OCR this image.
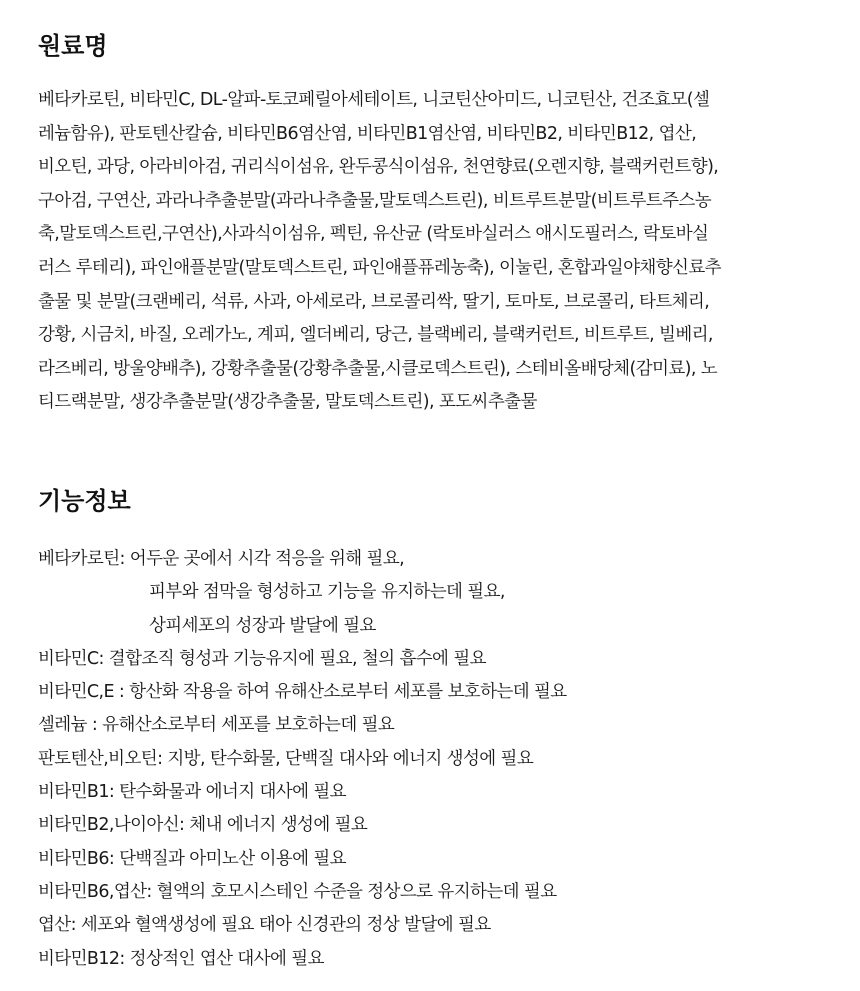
원료명
베타카로틴, 비타민C, DL-알파-토코페릴아세테이트, 니코틴산아미드, 니코틴산, 건조효모(셀
레늄함유), 판토텐산칼슘, 비타민B6염산염, 비타민B1염산염, 비타민B2, 비타민B12, 엽산,
비오틴, 과당, 아라비아검, 귀리식이섬유, 완두콩식이섬유, 천연향료(오렌지향, 블랙커런트향),
구아검, 구연산, 과라나추출분말(과라나추출물,말토덱스트린), 비트루트분말(비트루트주스농
축,말토덱스트린,구연산),사과식이섬유, 펙틴, 유산균 (락토바실러스 애시도필러스, 락토바실
러스 루테리), 파인애플분말(말토덱스트린, 파인애플퓨레농축), 이눌린, 혼합과일야채향신료추
출물 및 분말(크랜베리, 석류, 사과, 아세로라, 브로콜리싹, 딸기, 토마토, 브로콜리, 타트체리,
강황, 시금치, 바질, 오레가노, 계피, 엘더베리, 당근, 블랙베리, 블랙커런트, 비트루트, 빌베리,
라즈베리, 방울양배추), 강황추출물(강황추출물,시클로덱스트린), 스테비올배당체(감미료), 노
티드랙분말, 생강추출분말(생강추출물, 말토덱스트린), 포도씨추출물
기능정보
베타카로틴: 어두운 곳에서 시각 적응을 위해 필요,
피부와 점막을 형성하고 기능을 유지하는데 필요,
상피세포의 성장과 발달에 필요
비타민C: 결합조직 형성과 기능유지에 필요, 철의 흡수에 필요
비타민C,E : 항산화 작용을 하여 유해산소로부터 세포를 보호하는데 필요
셀레늄 : 유해산소로부터 세포를 보호하는데 필요
판토텐산,비오틴: 지방, 탄수화물, 단백질 대사와 에너지 생성에 필요
비타민B1: 탄수화물과 에너지 대사에 필요
비타민B2,나이아신: 체내 에너지 생성에 필요
비타민B6: 단백질과 아미노산 이용에 필요
비타민B6,엽산: 혈액의 호모시스테인 수준을 정상으로 유지하는데 필요
엽산: 세포와 혈액생성에 필요 태아 신경관의 정상 발달에 필요
비타민B12: 정상적인 엽산 대사에 필요
